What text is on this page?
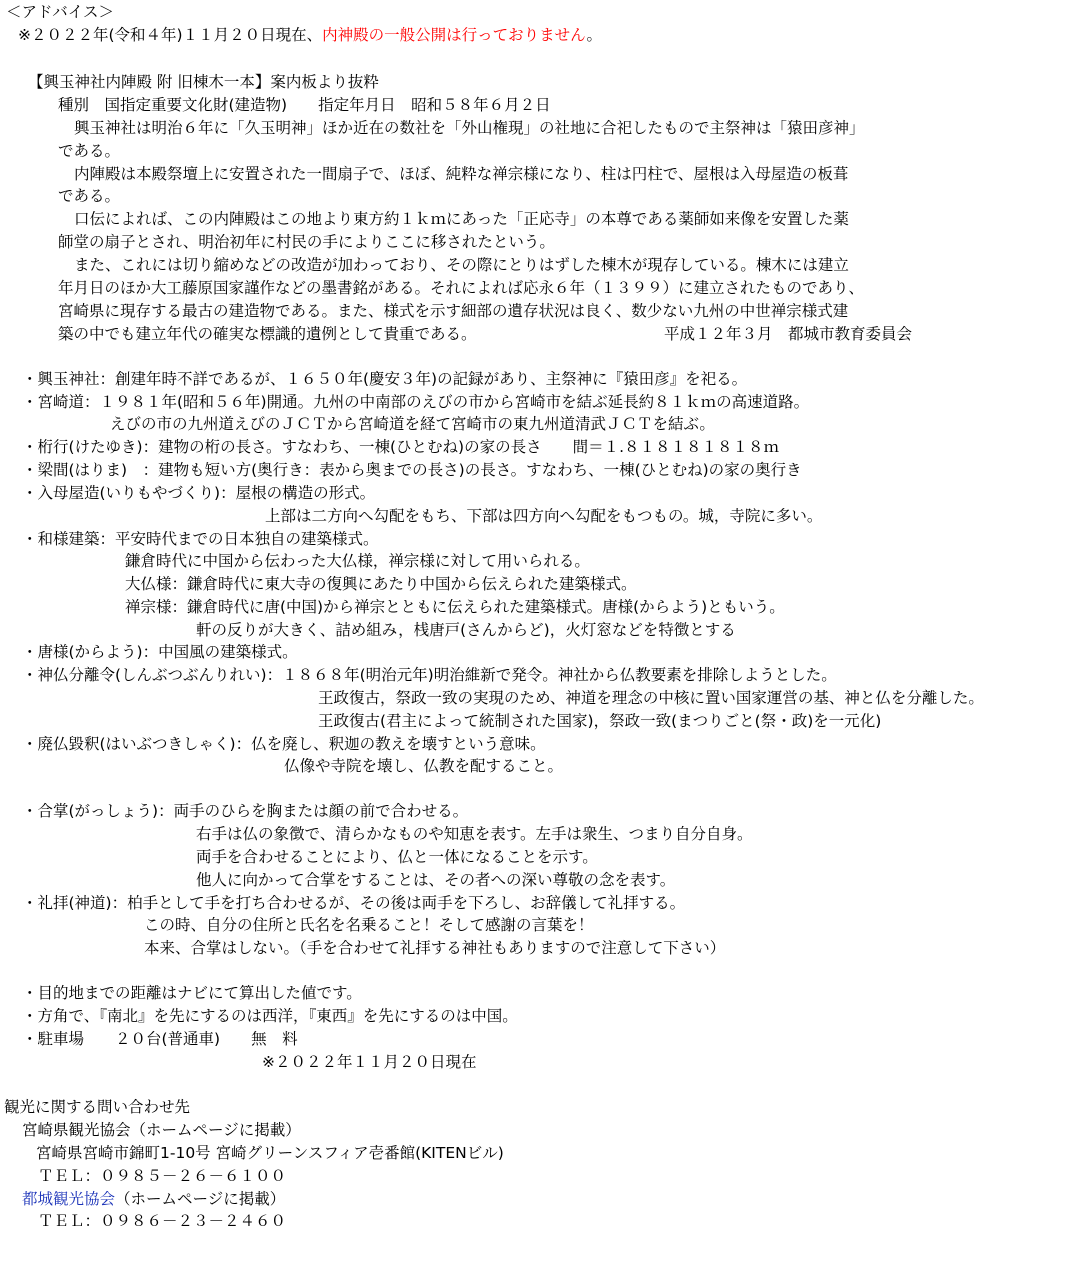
＜アドバイス＞
※２０２２年(令和４年)１１月２０日現在、内神殿の一般公開は行っておりません。
【興玉神社内陣殿 附 旧棟木一本】案内板より抜粋
種別　国指定重要文化財(建造物)　　指定年月日　昭和５８年６月２日
興玉神社は明治６年に「久玉明神」ほか近在の数社を「外山権現」の社地に合祀したもので主祭神は「猿田彦神」
である。
内陣殿は本殿祭壇上に安置された一間扇子で、ほぼ、純粋な禅宗様になり、柱は円柱で、屋根は入母屋造の板葺
である。
口伝によれば、この内陣殿はこの地より東方約１ｋｍにあった「正応寺」の本尊である薬師如来像を安置した薬
師堂の扇子とされ、明治初年に村民の手によりここに移されたという。
また、これには切り縮めなどの改造が加わっており、その際にとりはずした棟木が現存している。棟木には建立
年月日のほか大工藤原国家謹作などの墨書銘がある。それによれば応永６年（１３９９）に建立されたものであり、
宮崎県に現存する最古の建造物である。また、様式を示す細部の遺存状況は良く、数少ない九州の中世禅宗様式建
築の中でも建立年代の確実な標識的遺例として貴重である。	平成１２年３月　都城市教育委員会
・興玉神社：創建年時不詳であるが、１６５０年(慶安３年)の記録があり、主祭神に『猿田彦』を祀る。
・宮崎道：１９８１年(昭和５６年)開通。九州の中南部のえびの市から宮崎市を結ぶ延長約８１ｋｍの高速道路。
えびの市の九州道えびのＪＣＴから宮崎道を経て宮崎市の東九州道清武ＪＣＴを結ぶ。
・桁行(けたゆき)：建物の桁の長さ。すなわち、一棟(ひとむね)の家の長さ　　間＝１.８１８１８１８１８ｍ
・梁間(はりま)　：建物も短い方(奥行き：表から奥までの長さ)の長さ。すなわち、一棟(ひとむね)の家の奥行き
・入母屋造(いりもやづくり)：屋根の構造の形式。
上部は二方向へ勾配をもち、下部は四方向へ勾配をもつもの。城，寺院に多い。
・和様建築：平安時代までの日本独自の建築様式。
鎌倉時代に中国から伝わった大仏様，禅宗様に対して用いられる。
大仏様：鎌倉時代に東大寺の復興にあたり中国から伝えられた建築様式。
禅宗様：鎌倉時代に唐(中国)から禅宗とともに伝えられた建築様式。唐様(からよう)ともいう。
軒の反りが大きく、詰め組み，桟唐戸(さんからど)，火灯窓などを特徴とする
・唐様(からよう)：中国風の建築様式。
・神仏分離令(しんぶつぶんりれい)：１８６８年(明治元年)明治維新で発令。神社から仏教要素を排除しようとした。
王政復古，祭政一致の実現のため、神道を理念の中核に置い国家運営の基、神と仏を分離した。
王政復古(君主によって統制された国家)，祭政一致(まつりごと(祭・政)を一元化)
・廃仏毀釈(はいぶつきしゃく)：仏を廃し、釈迦の教えを壊すという意味。
仏像や寺院を壊し、仏教を配すること。
・合掌(がっしょう)：両手のひらを胸または顔の前で合わせる。
右手は仏の象徴で、清らかなものや知恵を表す。左手は衆生、つまり自分自身。
両手を合わせることにより、仏と一体になることを示す。
他人に向かって合掌をすることは、その者への深い尊敬の念を表す。
・礼拝(神道)：柏手として手を打ち合わせるが、その後は両手を下ろし、お辞儀して礼拝する。
この時、自分の住所と氏名を名乗ること！そして感謝の言葉を！
本来、合掌はしない。（手を合わせて礼拝する神社もありますので注意して下さい）
・目的地までの距離はナビにて算出した値です。
・方角で、『南北』を先にするのは西洋，『東西』を先にするのは中国。
・駐車場　　２０台(普通車)　　無　料
※２０２２年１１月２０日現在
観光に関する問い合わせ先
宮崎県観光協会（ホームページに掲載）
宮崎県宮崎市錦町1-10号 宮崎グリーンスフィア壱番館(KITENビル)
ＴＥＬ：０９８５－２６－６１００
都城観光協会（ホームページに掲載）
ＴＥＬ：０９８６－２３－２４６０
